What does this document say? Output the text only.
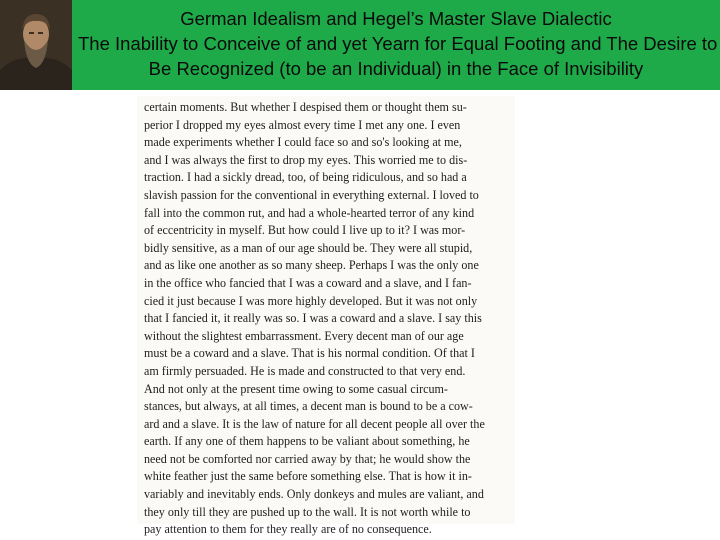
German Idealism and Hegel’s Master Slave Dialectic
The Inability to Conceive of and yet Yearn for Equal Footing and The Desire to
Be Recognized (to be an Individual) in the Face of Invisibility
certain moments. But whether I despised them or thought them su-
perior I dropped my eyes almost every time I met any one. I even
made experiments whether I could face so and so's looking at me,
and I was always the first to drop my eyes. This worried me to dis-
traction. I had a sickly dread, too, of being ridiculous, and so had a
slavish passion for the conventional in everything external. I loved to
fall into the common rut, and had a whole-hearted terror of any kind
of eccentricity in myself. But how could I live up to it? I was mor-
bidly sensitive, as a man of our age should be. They were all stupid,
and as like one another as so many sheep. Perhaps I was the only one
in the office who fancied that I was a coward and a slave, and I fan-
cied it just because I was more highly developed. But it was not only
that I fancied it, it really was so. I was a coward and a slave. I say this
without the slightest embarrassment. Every decent man of our age
must be a coward and a slave. That is his normal condition. Of that I
am firmly persuaded. He is made and constructed to that very end.
And not only at the present time owing to some casual circum-
stances, but always, at all times, a decent man is bound to be a cow-
ard and a slave. It is the law of nature for all decent people all over the
earth. If any one of them happens to be valiant about something, he
need not be comforted nor carried away by that; he would show the
white feather just the same before something else. That is how it in-
variably and inevitably ends. Only donkeys and mules are valiant, and
they only till they are pushed up to the wall. It is not worth while to
pay attention to them for they really are of no consequence.
